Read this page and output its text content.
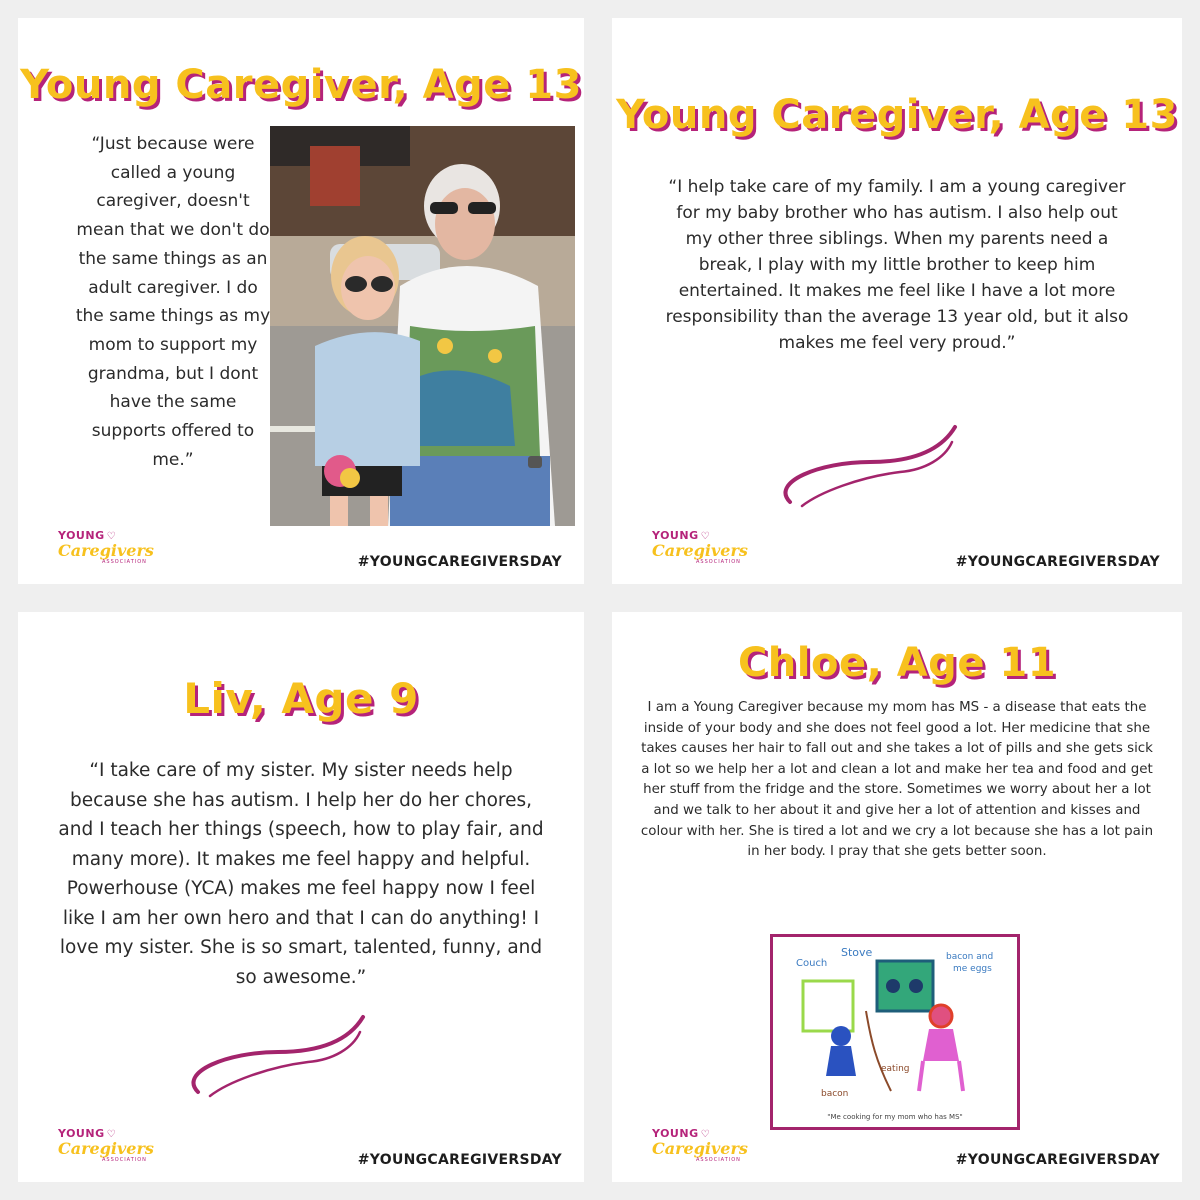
Young Caregiver, Age 13

“Just because were called a young caregiver, doesn't mean that we don't do the same things as an adult caregiver. I do the same things as my mom to support my grandma, but I dont have the same supports offered to me.”

YOUNG ♡
Caregivers
ASSOCIATION	#YOUNGCAREGIVERSDAY
Young Caregiver, Age 13

“I help take care of my family. I am a young caregiver for my baby brother who has autism. I also help out my other three siblings. When my parents need a break, I play with my little brother to keep him entertained. It makes me feel like I have a lot more responsibility than the average 13 year old, but it also makes me feel very proud.”

YOUNG ♡
Caregivers
ASSOCIATION	#YOUNGCAREGIVERSDAY
Liv, Age 9

“I take care of my sister. My sister needs help because she has autism. I help her do her chores, and I teach her things (speech, how to play fair, and many more). It makes me feel happy and helpful. Powerhouse (YCA) makes me feel happy now I feel like I am her own hero and that I can do anything! I love my sister. She is so smart, talented, funny, and so awesome.”

YOUNG ♡
Caregivers
ASSOCIATION	#YOUNGCAREGIVERSDAY
Chloe, Age 11

I am a Young Caregiver because my mom has MS - a disease that eats the inside of your body and she does not feel good a lot. Her medicine that she takes causes her hair to fall out and she takes a lot of pills and she gets sick a lot so we help her a lot and clean a lot and make her tea and food and get her stuff from the fridge and the store. Sometimes we worry about her a lot and we talk to her about it and give her a lot of attention and kisses and colour with her. She is tired a lot and we cry a lot because she has a lot pain in her body. I pray that she gets better soon.

Couch
Stove	bacon and
me eggs
eating
bacon
"Me cooking for my mom who has MS"
YOUNG ♡
Caregivers
ASSOCIATION	#YOUNGCAREGIVERSDAY
